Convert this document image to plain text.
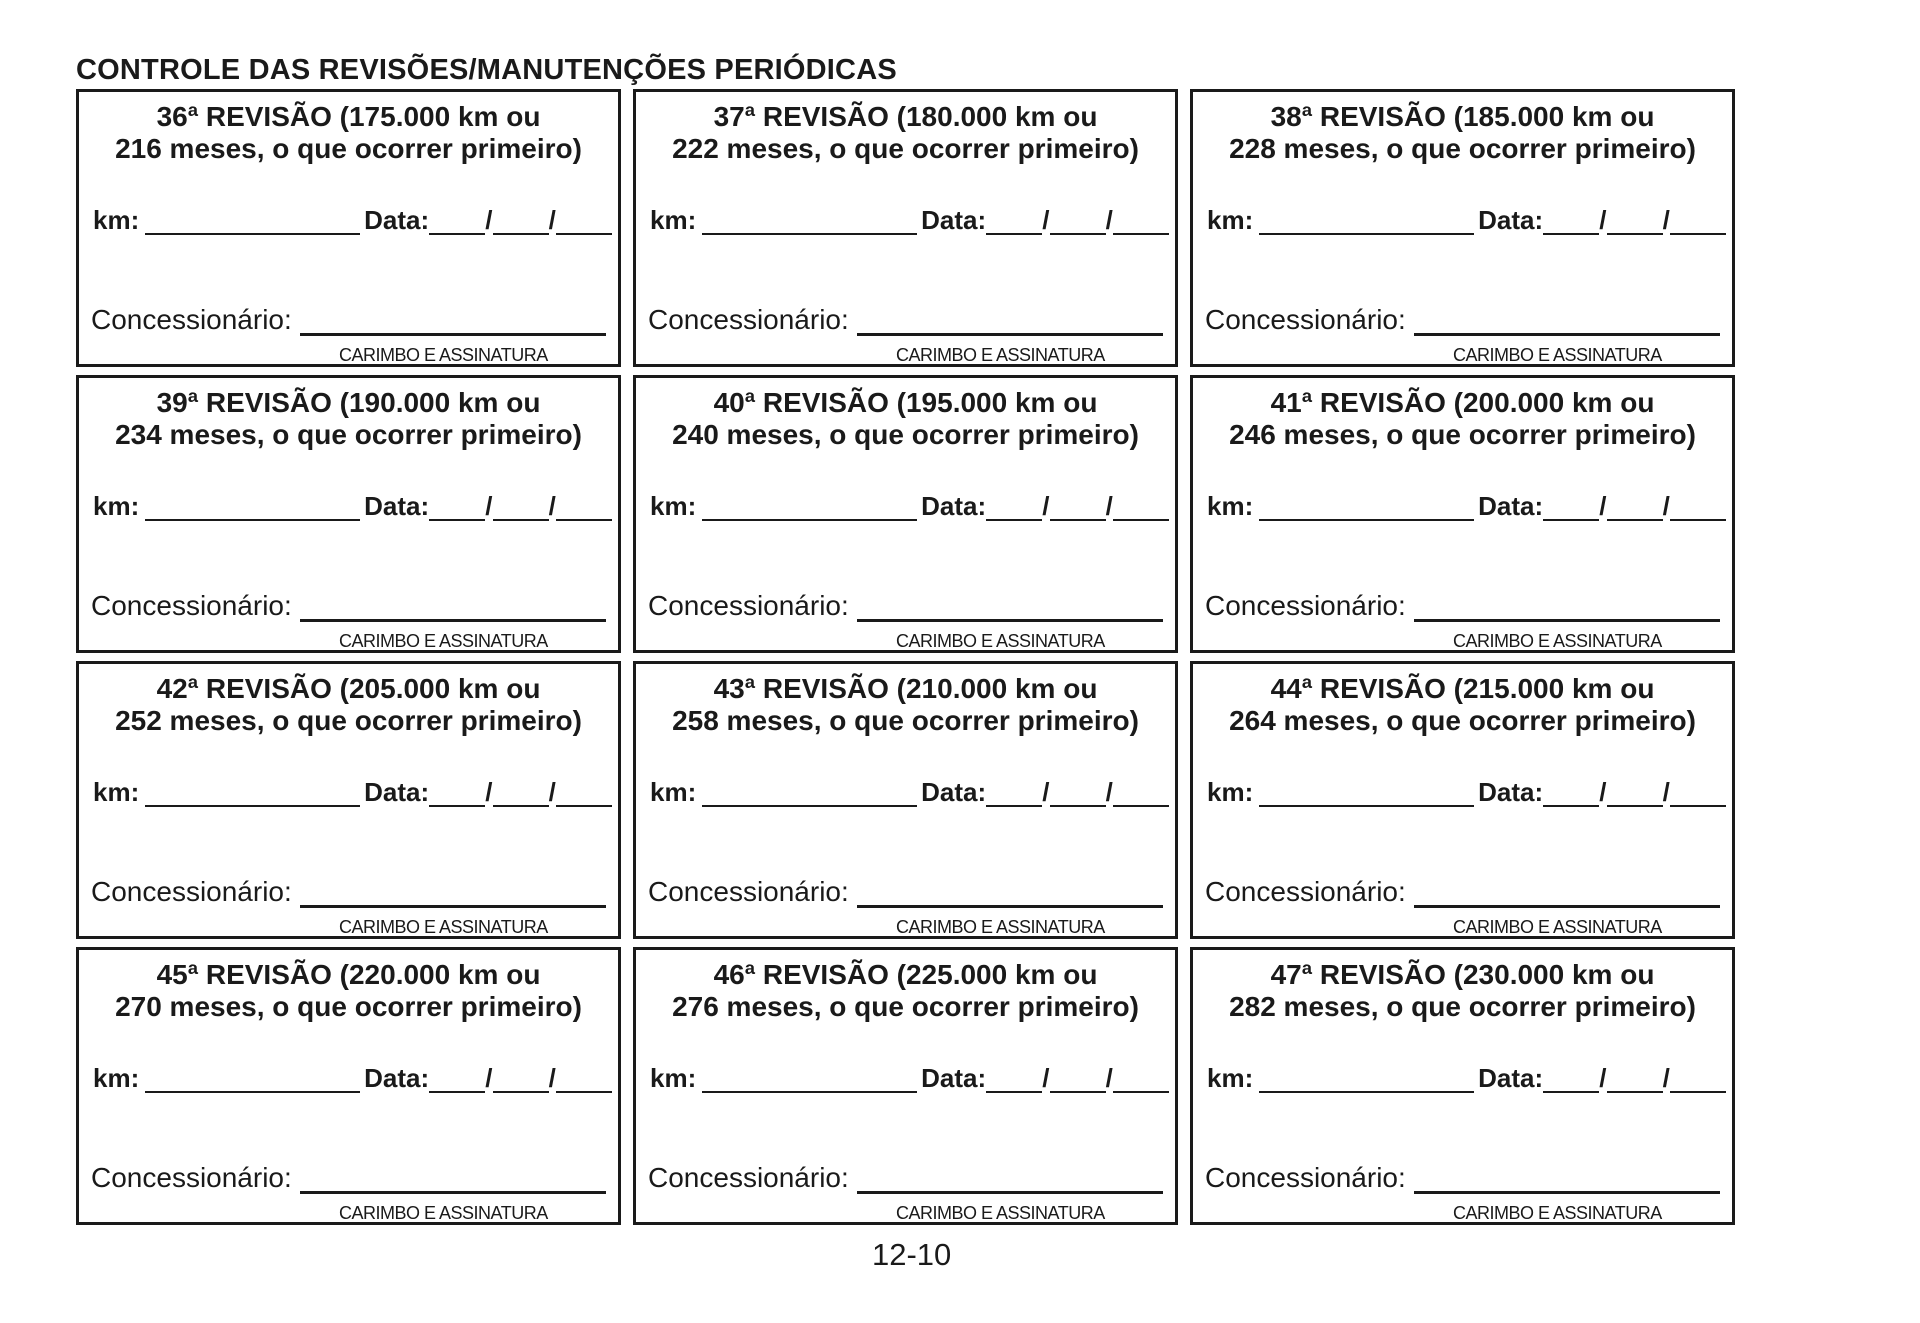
CONTROLE DAS REVISÕES/MANUTENÇÕES PERIÓDICAS

36ª REVISÃO (175.000 km ou
216 meses, o que ocorrer primeiro)

km:	Data: / /
Concessionário:
CARIMBO E ASSINATURA

37ª REVISÃO (180.000 km ou
222 meses, o que ocorrer primeiro)

km:	Data: / /
Concessionário:
CARIMBO E ASSINATURA

38ª REVISÃO (185.000 km ou
228 meses, o que ocorrer primeiro)

km:	Data: / /
Concessionário:
CARIMBO E ASSINATURA

39ª REVISÃO (190.000 km ou
234 meses, o que ocorrer primeiro)

km:	Data: / /
Concessionário:
CARIMBO E ASSINATURA

40ª REVISÃO (195.000 km ou
240 meses, o que ocorrer primeiro)

km:	Data: / /
Concessionário:
CARIMBO E ASSINATURA

41ª REVISÃO (200.000 km ou
246 meses, o que ocorrer primeiro)

km:	Data: / /
Concessionário:
CARIMBO E ASSINATURA

42ª REVISÃO (205.000 km ou
252 meses, o que ocorrer primeiro)

km:	Data: / /
Concessionário:
CARIMBO E ASSINATURA

43ª REVISÃO (210.000 km ou
258 meses, o que ocorrer primeiro)

km:	Data: / /
Concessionário:
CARIMBO E ASSINATURA

44ª REVISÃO (215.000 km ou
264 meses, o que ocorrer primeiro)

km:	Data: / /
Concessionário:
CARIMBO E ASSINATURA

45ª REVISÃO (220.000 km ou
270 meses, o que ocorrer primeiro)

km:	Data: / /
Concessionário:
CARIMBO E ASSINATURA

46ª REVISÃO (225.000 km ou
276 meses, o que ocorrer primeiro)

km:	Data: / /
Concessionário:
CARIMBO E ASSINATURA

47ª REVISÃO (230.000 km ou
282 meses, o que ocorrer primeiro)

km:	Data: / /
Concessionário:
CARIMBO E ASSINATURA
12-10
